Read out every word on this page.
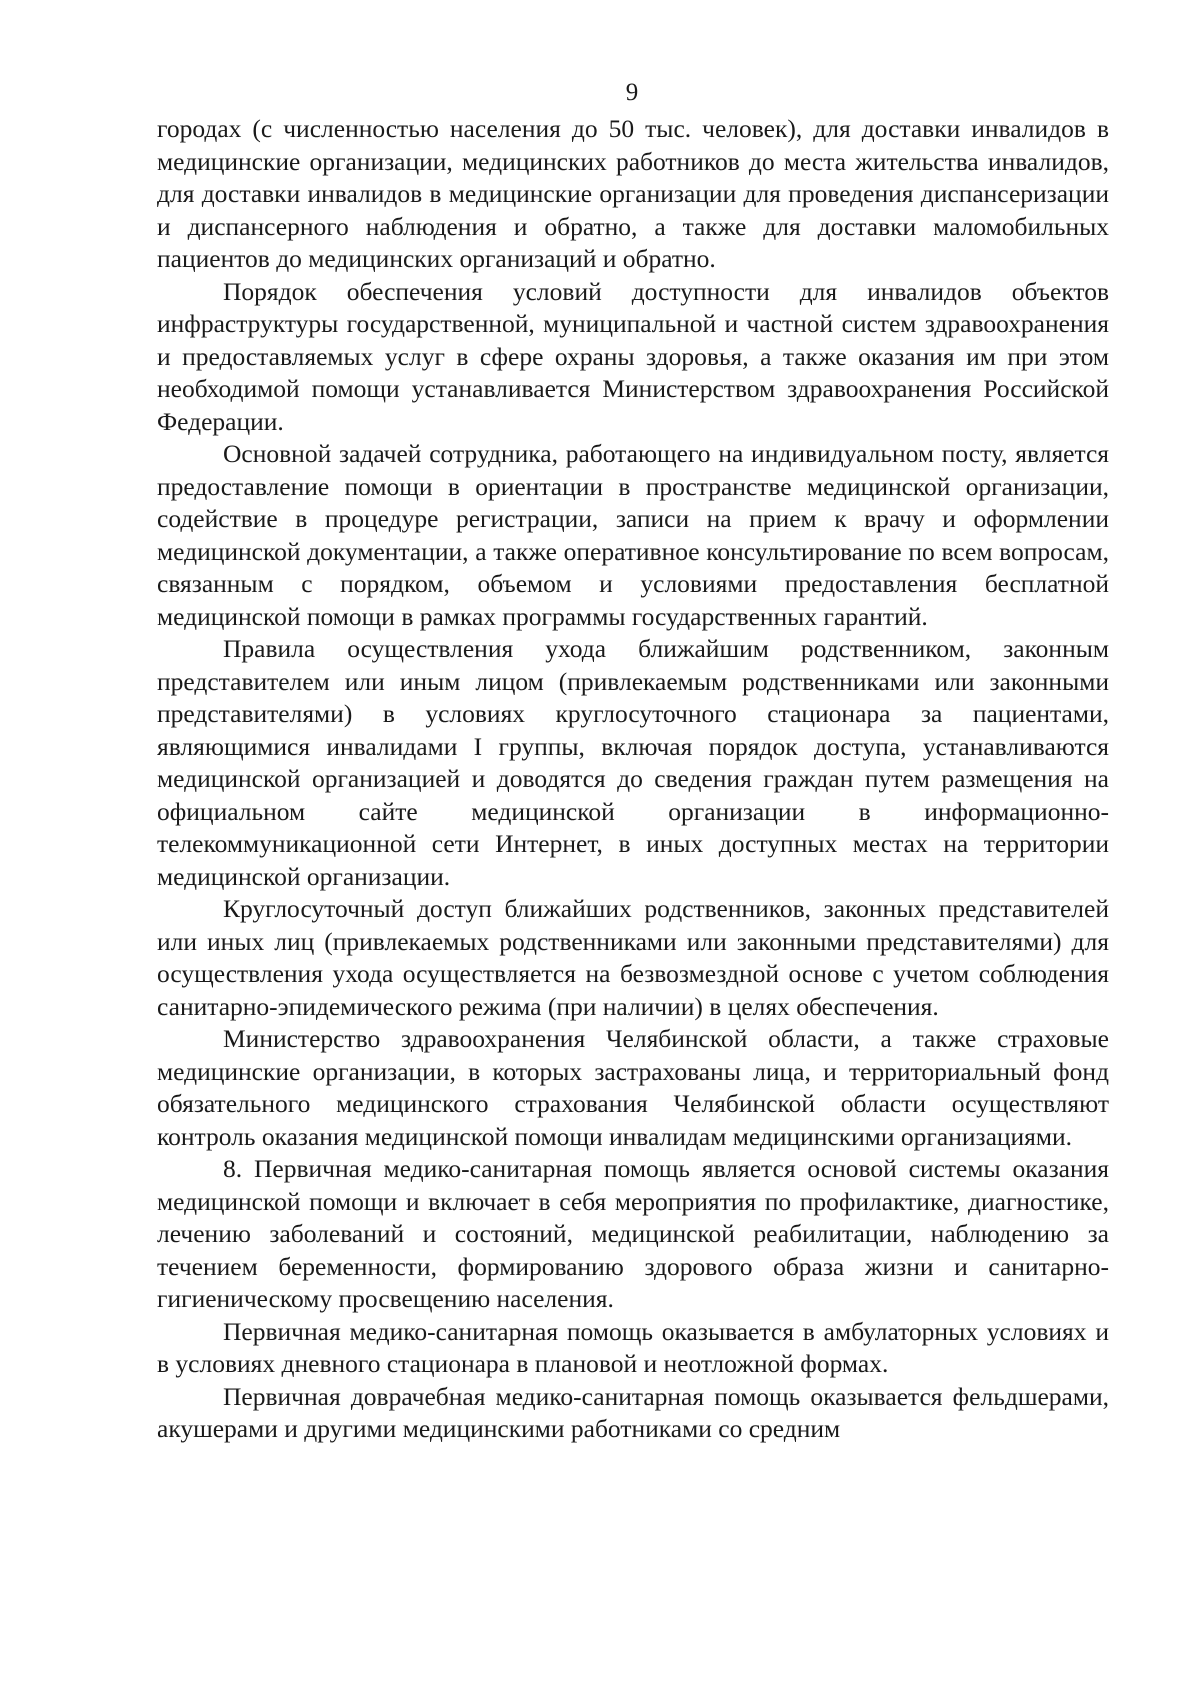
9

городах (с численностью населения до 50 тыс. человек), для доставки инвалидов в медицинские организации, медицинских работников до места жительства инвалидов, для доставки инвалидов в медицинские организации для проведения диспансеризации и диспансерного наблюдения и обратно, а также для доставки маломобильных пациентов до медицинских организаций и обратно.

Порядок обеспечения условий доступности для инвалидов объектов инфраструктуры государственной, муниципальной и частной систем здравоохранения и предоставляемых услуг в сфере охраны здоровья, а также оказания им при этом необходимой помощи устанавливается Министерством здравоохранения Российской Федерации.

Основной задачей сотрудника, работающего на индивидуальном посту, является предоставление помощи в ориентации в пространстве медицинской организации, содействие в процедуре регистрации, записи на прием к врачу и оформлении медицинской документации, а также оперативное консультирование по всем вопросам, связанным с порядком, объемом и условиями предоставления бесплатной медицинской помощи в рамках программы государственных гарантий.

Правила осуществления ухода ближайшим родственником, законным представителем или иным лицом (привлекаемым родственниками или законными представителями) в условиях круглосуточного стационара за пациентами, являющимися инвалидами I группы, включая порядок доступа, устанавливаются медицинской организацией и доводятся до сведения граждан путем размещения на официальном сайте медицинской организации в информационно-телекоммуникационной сети Интернет, в иных доступных местах на территории медицинской организации.

Круглосуточный доступ ближайших родственников, законных представителей или иных лиц (привлекаемых родственниками или законными представителями) для осуществления ухода осуществляется на безвозмездной основе с учетом соблюдения санитарно-эпидемического режима (при наличии) в целях обеспечения.

Министерство здравоохранения Челябинской области, а также страховые медицинские организации, в которых застрахованы лица, и территориальный фонд обязательного медицинского страхования Челябинской области осуществляют контроль оказания медицинской помощи инвалидам медицинскими организациями.

8. Первичная медико-санитарная помощь является основой системы оказания медицинской помощи и включает в себя мероприятия по профилактике, диагностике, лечению заболеваний и состояний, медицинской реабилитации, наблюдению за течением беременности, формированию здорового образа жизни и санитарно-гигиеническому просвещению населения.

Первичная медико-санитарная помощь оказывается в амбулаторных условиях и в условиях дневного стационара в плановой и неотложной формах.

Первичная доврачебная медико-санитарная помощь оказывается фельдшерами, акушерами и другими медицинскими работниками со средним
